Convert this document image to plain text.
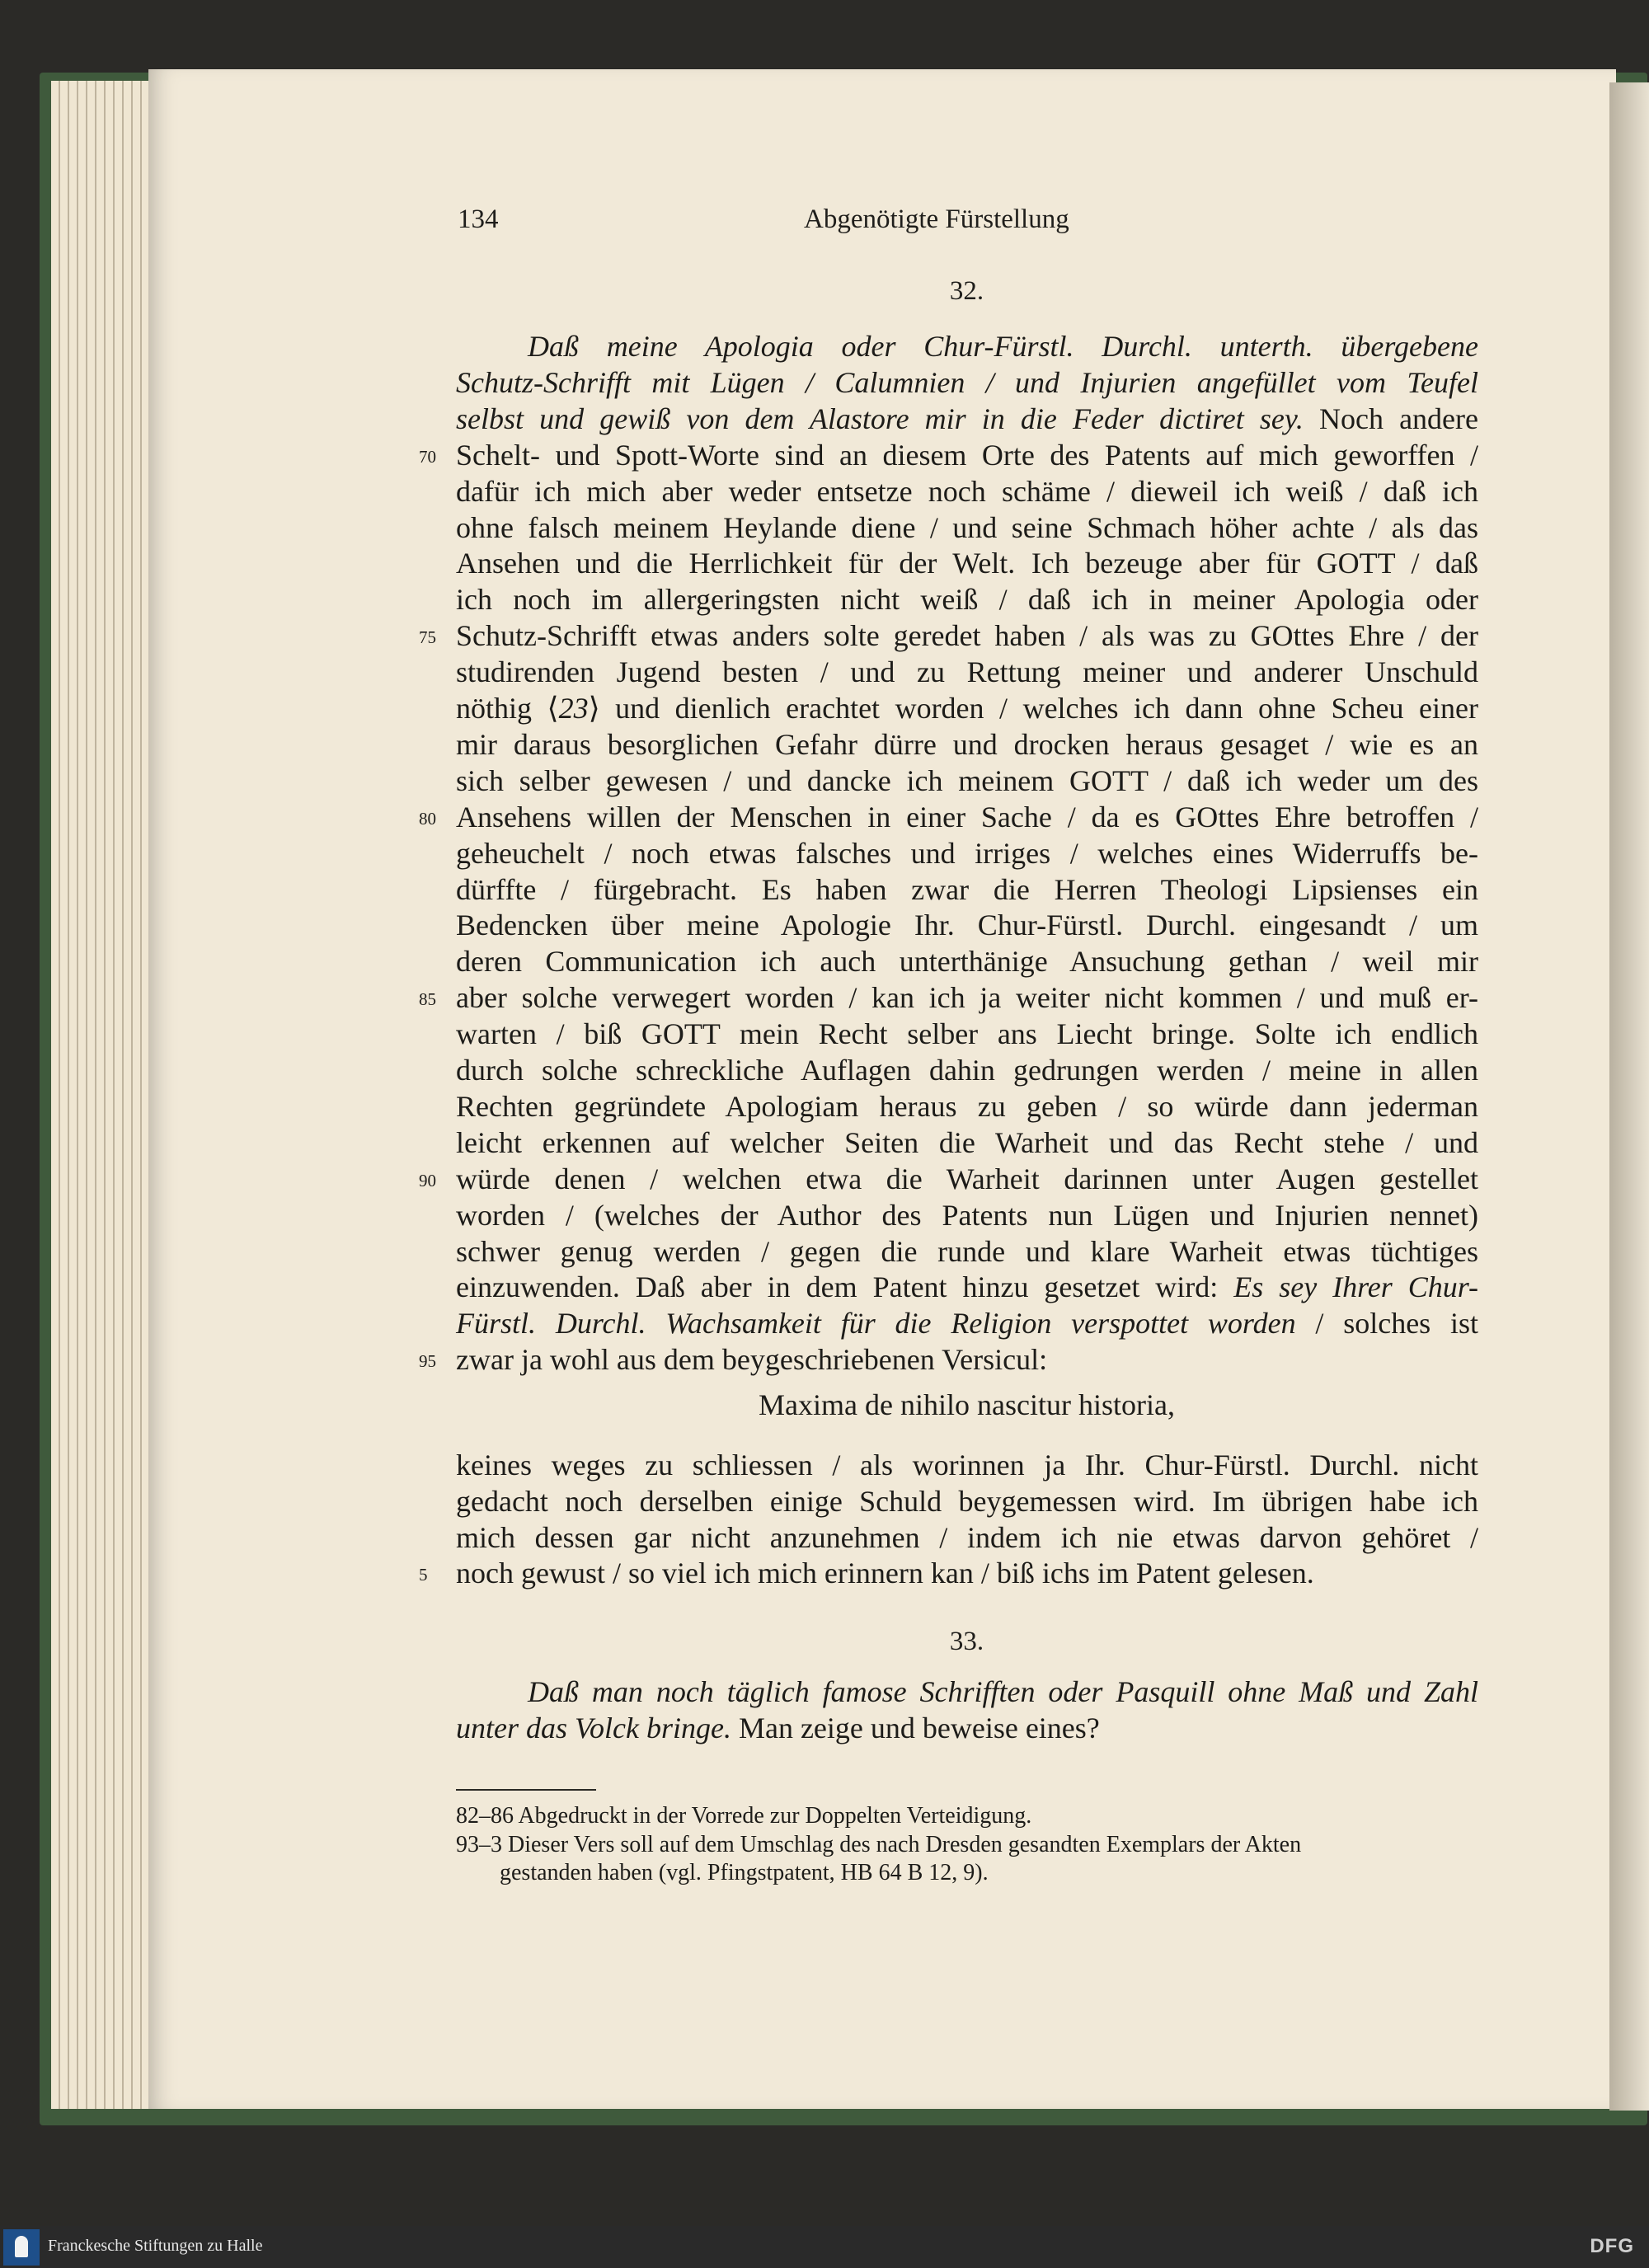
134	Abgenötigte Fürstellung
32.
Daß meine Apologia oder Chur-Fürstl. Durchl. unterth. übergebene
Schutz-Schrifft mit Lügen / Calumnien / und Injurien angefüllet vom Teufel
selbst und gewiß von dem Alastore mir in die Feder dictiret sey. Noch andere
Schelt- und Spott-Worte sind an diesem Orte des Patents auf mich geworffen /
70
dafür ich mich aber weder entsetze noch schäme / dieweil ich weiß / daß ich
ohne falsch meinem Heylande diene / und seine Schmach höher achte / als das
Ansehen und die Herrlichkeit für der Welt. Ich bezeuge aber für GOTT / daß
ich noch im allergeringsten nicht weiß / daß ich in meiner Apologia oder
Schutz-Schrifft etwas anders solte geredet haben / als was zu GOttes Ehre / der
75
studirenden Jugend besten / und zu Rettung meiner und anderer Unschuld
nöthig ⟨23⟩ und dienlich erachtet worden / welches ich dann ohne Scheu einer
mir daraus besorglichen Gefahr dürre und drocken heraus gesaget / wie es an
sich selber gewesen / und dancke ich meinem GOTT / daß ich weder um des
Ansehens willen der Menschen in einer Sache / da es GOttes Ehre betroffen /
80
geheuchelt / noch etwas falsches und irriges / welches eines Widerruffs be-
dürffte / fürgebracht. Es haben zwar die Herren Theologi Lipsienses ein
Bedencken über meine Apologie Ihr. Chur-Fürstl. Durchl. eingesandt / um
deren Communication ich auch unterthänige Ansuchung gethan / weil mir
aber solche verwegert worden / kan ich ja weiter nicht kommen / und muß er-
85
warten / biß GOTT mein Recht selber ans Liecht bringe. Solte ich endlich
durch solche schreckliche Auflagen dahin gedrungen werden / meine in allen
Rechten gegründete Apologiam heraus zu geben / so würde dann jederman
leicht erkennen auf welcher Seiten die Warheit und das Recht stehe / und
würde denen / welchen etwa die Warheit darinnen unter Augen gestellet
90
worden / (welches der Author des Patents nun Lügen und Injurien nennet)
schwer genug werden / gegen die runde und klare Warheit etwas tüchtiges
einzuwenden. Daß aber in dem Patent hinzu gesetzet wird: Es sey Ihrer Chur-
Fürstl. Durchl. Wachsamkeit für die Religion verspottet worden / solches ist
zwar ja wohl aus dem beygeschriebenen Versicul:
95
Maxima de nihilo nascitur historia,
keines weges zu schliessen / als worinnen ja Ihr. Chur-Fürstl. Durchl. nicht
gedacht noch derselben einige Schuld beygemessen wird. Im übrigen habe ich
mich dessen gar nicht anzunehmen / indem ich nie etwas darvon gehöret /
noch gewust / so viel ich mich erinnern kan / biß ichs im Patent gelesen.
5
33.
Daß man noch täglich famose Schrifften oder Pasquill ohne Maß und Zahl
unter das Volck bringe. Man zeige und beweise eines?
82–86 Abgedruckt in der Vorrede zur Doppelten Verteidigung.
93–3 Dieser Vers soll auf dem Umschlag des nach Dresden gesandten Exemplars der Akten
gestanden haben (vgl. Pfingstpatent, HB 64 B 12, 9).
Franckesche Stiftungen zu Halle	DFG
